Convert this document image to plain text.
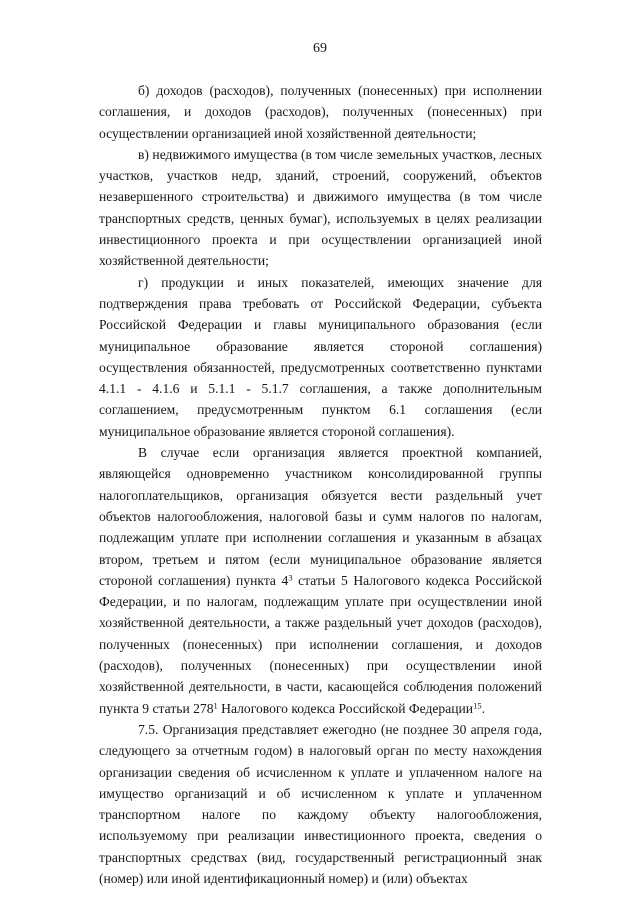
69

б) доходов (расходов), полученных (понесенных) при исполнении соглашения, и доходов (расходов), полученных (понесенных) при осуществлении организацией иной хозяйственной деятельности;

в) недвижимого имущества (в том числе земельных участков, лесных участков, участков недр, зданий, строений, сооружений, объектов незавершенного строительства) и движимого имущества (в том числе транспортных средств, ценных бумаг), используемых в целях реализации инвестиционного проекта и при осуществлении организацией иной хозяйственной деятельности;

г) продукции и иных показателей, имеющих значение для подтверждения права требовать от Российской Федерации, субъекта Российской Федерации и главы муниципального образования (если муниципальное образование является стороной соглашения) осуществления обязанностей, предусмотренных соответственно пунктами 4.1.1 - 4.1.6 и 5.1.1 - 5.1.7 соглашения, а также дополнительным соглашением, предусмотренным пунктом 6.1 соглашения (если муниципальное образование является стороной соглашения).

В случае если организация является проектной компанией, являющейся одновременно участником консолидированной группы налогоплательщиков, организация обязуется вести раздельный учет объектов налогообложения, налоговой базы и сумм налогов по налогам, подлежащим уплате при исполнении соглашения и указанным в абзацах втором, третьем и пятом (если муниципальное образование является стороной соглашения) пункта $4^3$ статьи 5 Налогового кодекса Российской Федерации, и по налогам, подлежащим уплате при осуществлении иной хозяйственной деятельности, а также раздельный учет доходов (расходов), полученных (понесенных) при исполнении соглашения, и доходов (расходов), полученных (понесенных) при осуществлении иной хозяйственной деятельности, в части, касающейся соблюдения положений пункта 9 статьи $278^1$ Налогового кодекса Российской Федерации$^{15}$.

7.5. Организация представляет ежегодно (не позднее 30 апреля года, следующего за отчетным годом) в налоговый орган по месту нахождения организации сведения об исчисленном к уплате и уплаченном налоге на имущество организаций и об исчисленном к уплате и уплаченном транспортном налоге по каждому объекту налогообложения, используемому при реализации инвестиционного проекта, сведения о транспортных средствах (вид, государственный регистрационный знак (номер) или иной идентификационный номер) и (или) объектах
